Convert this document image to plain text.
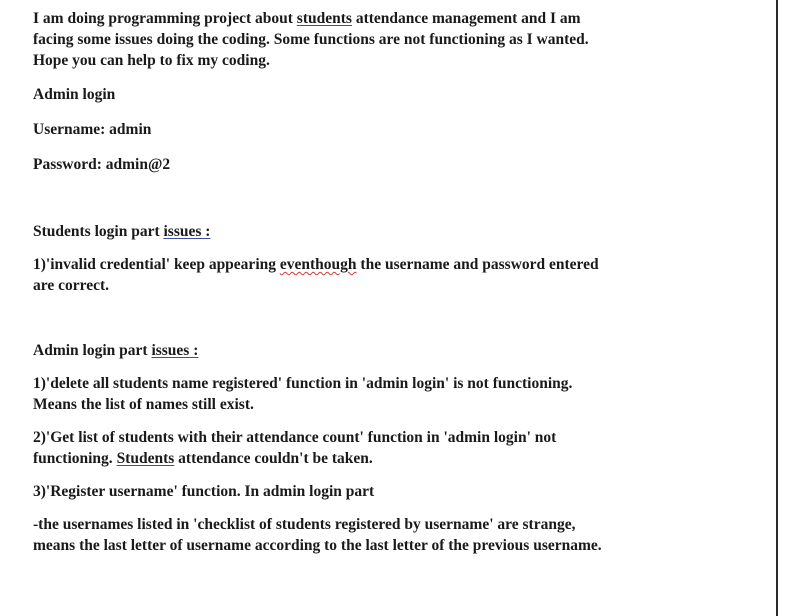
I am doing programming project about students attendance management and I am

facing some issues doing the coding. Some functions are not functioning as I wanted.

Hope you can help to fix my coding.

Admin login

Username: admin

Password: admin@2

Students login part issues :

1)'invalid credential' keep appearing eventhough the username and password entered

are correct.

Admin login part issues :

1)'delete all students name registered' function in 'admin login' is not functioning.

Means the list of names still exist.

2)'Get list of students with their attendance count' function in 'admin login' not

functioning. Students attendance couldn't be taken.

3)'Register username' function. In admin login part

-the usernames listed in 'checklist of students registered by username' are strange,

means the last letter of username according to the last letter of the previous username.
